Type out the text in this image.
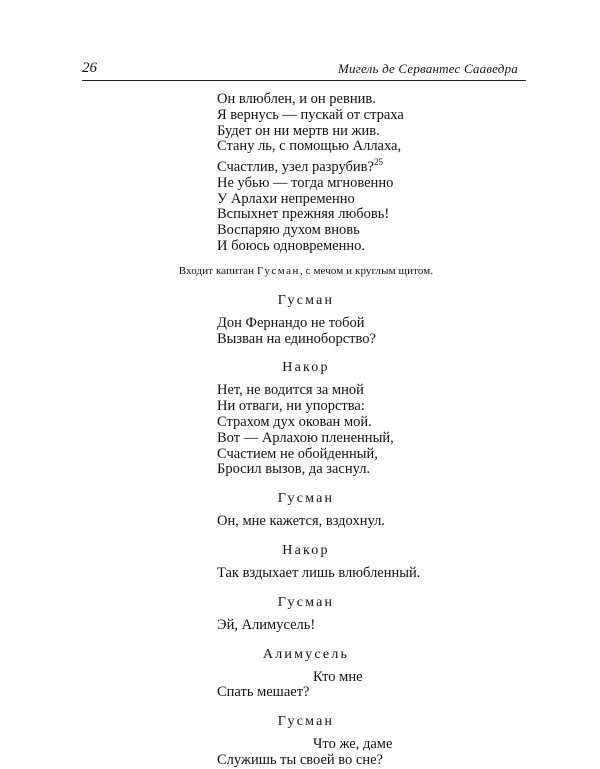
26	Мигель де Сервантес Сааведра
Он влюблен, и он ревнив.
Я вернусь — пускай от страха
Будет он ни мертв ни жив.
Стану ль, с помощью Аллаха,
Счастлив, узел разрубив?$^{25}$
Не убью — тогда мгновенно
У Арлахи непременно
Вспыхнет прежняя любовь!
Воспаряю духом вновь
И боюсь одновременно.
Входит капитан Гусман, с мечом и круглым щитом.
Гусман
Дон Фернандо не тобой
Вызван на единоборство?
Накор
Нет, не водится за мной
Ни отваги, ни упорства:
Страхом дух окован мой.
Вот — Арлахою плененный,
Счастием не обойденный,
Бросил вызов, да заснул.
Гусман
Он, мне кажется, вздохнул.
Накор
Так вздыхает лишь влюбленный.
Гусман
Эй, Алимусель!
Алимусель
Кто мне
Спать мешает?
Гусман
Что же, даме
Служишь ты своей во сне?
